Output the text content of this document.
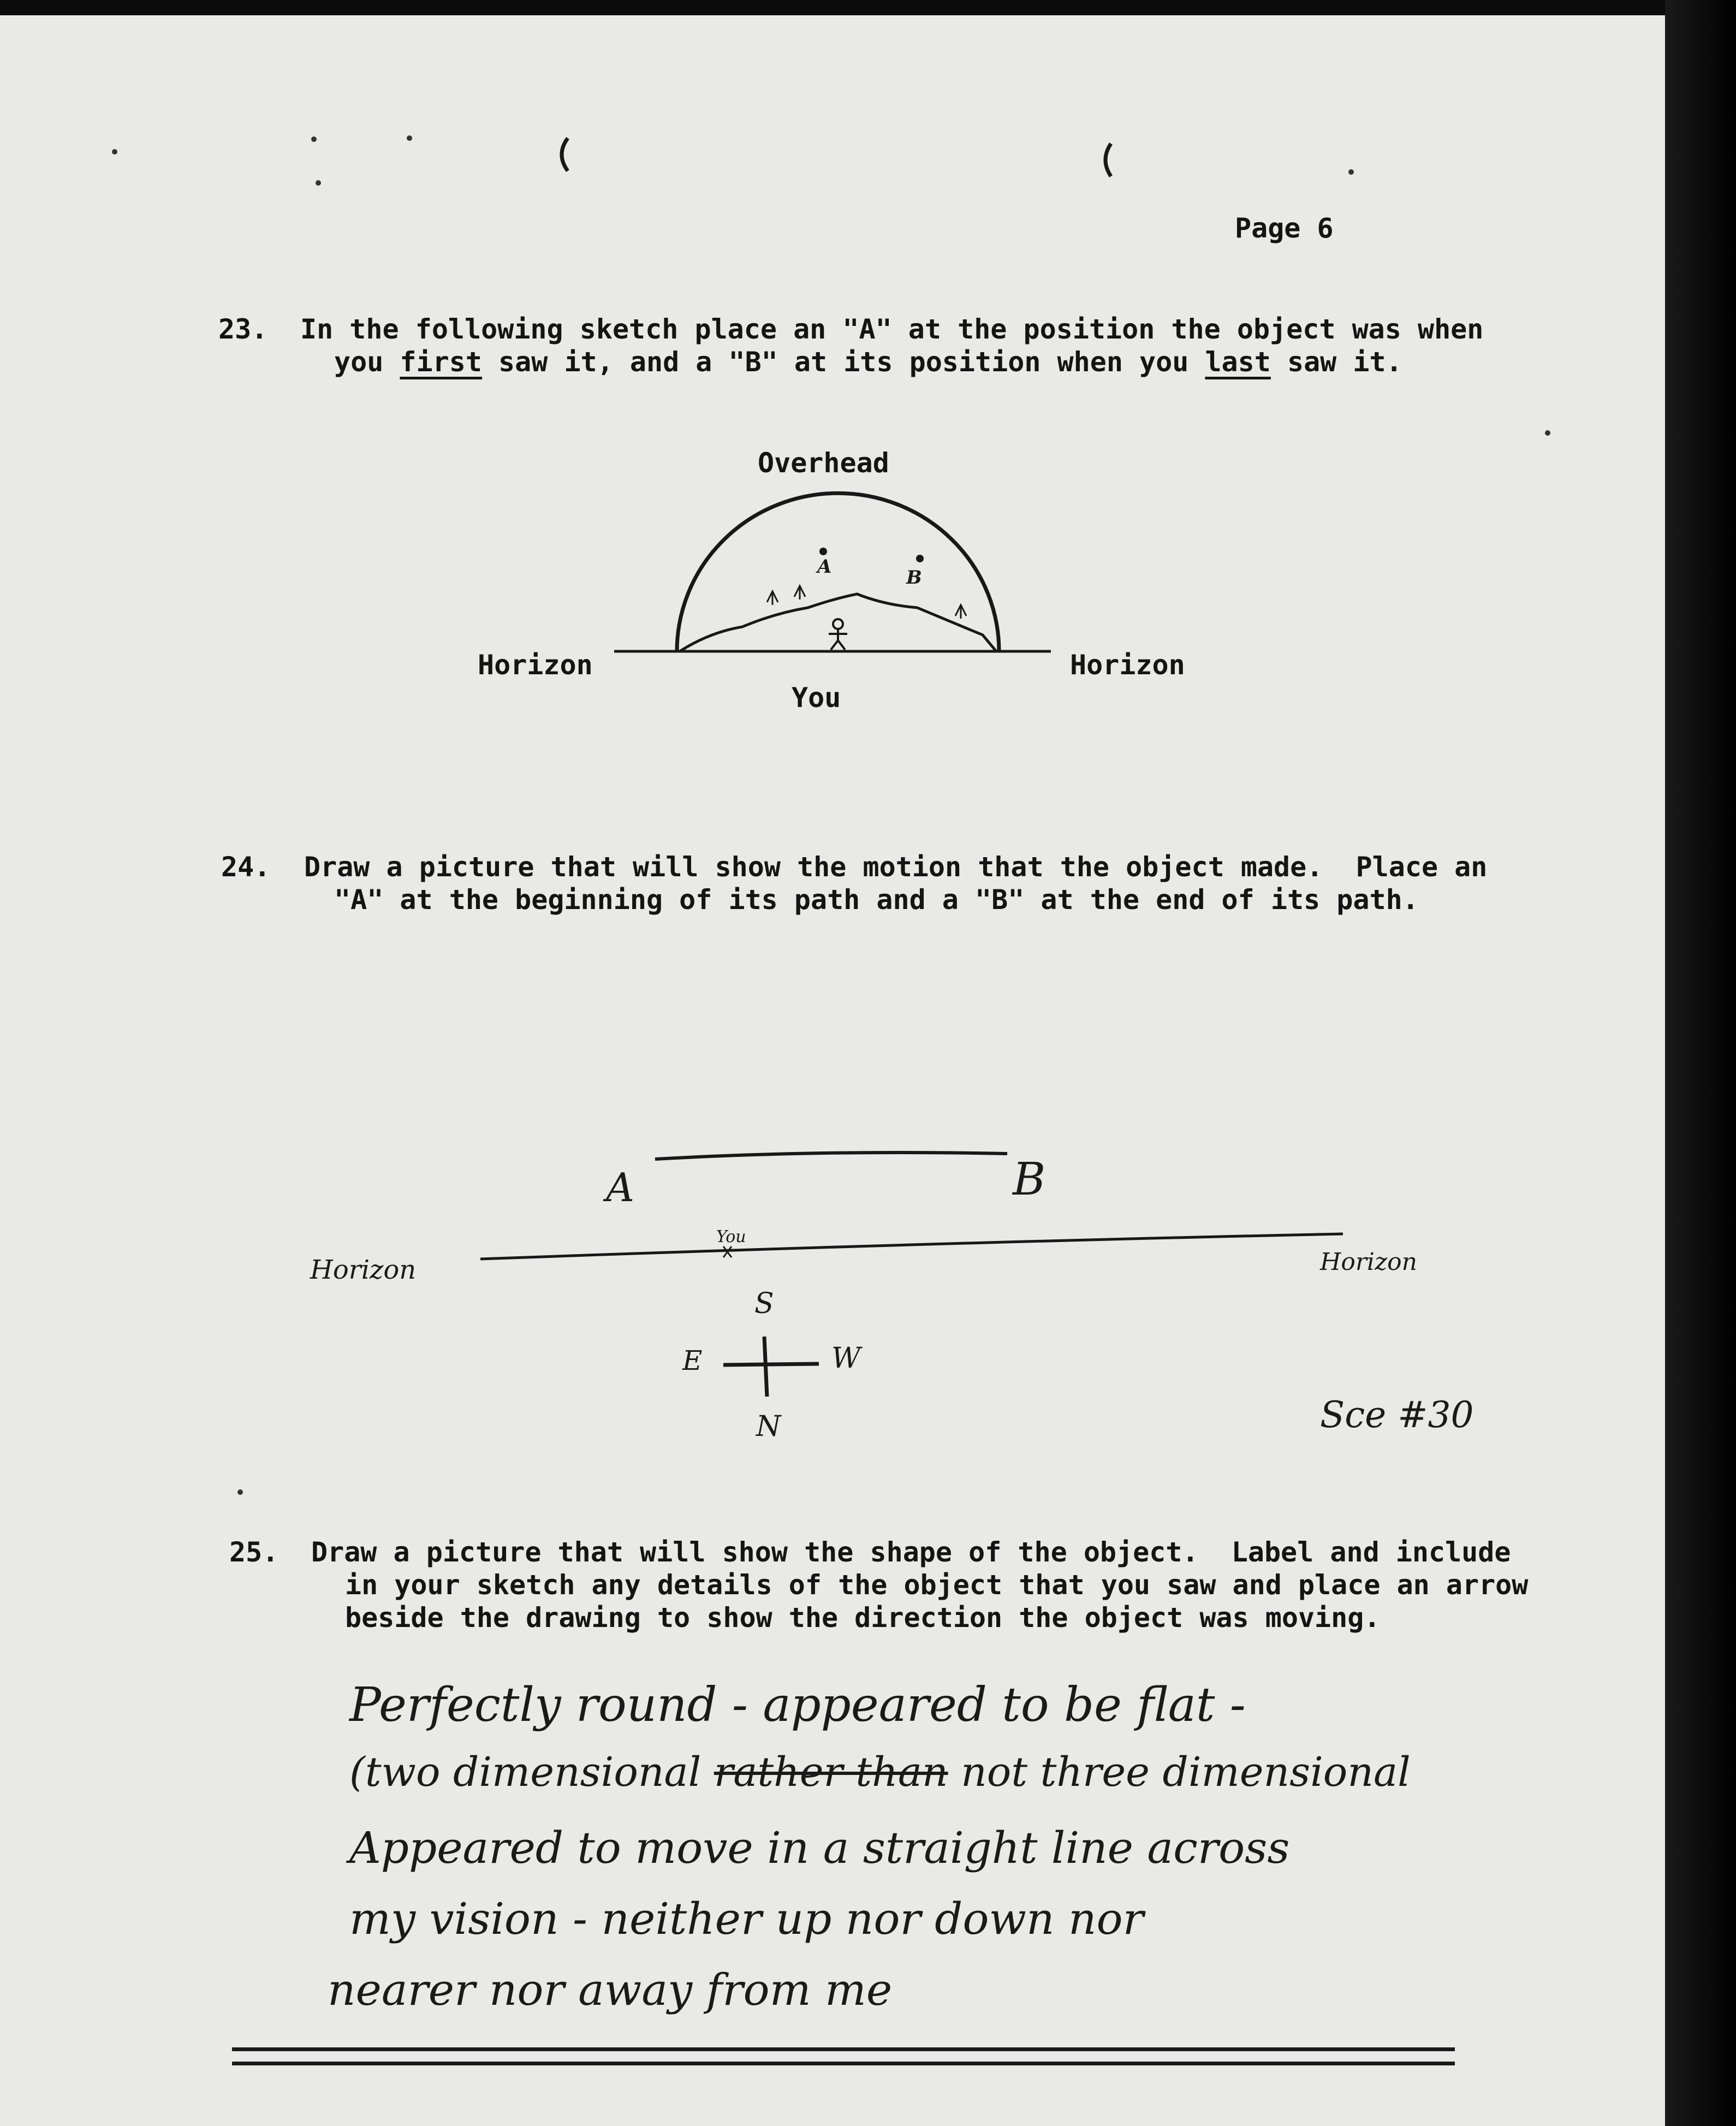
Page 6
23. In the following sketch place an "A" at the position the object was when
you first saw it, and a "B" at its position when you last saw it.
Overhead
Horizon	Horizon
You
A	B
24. Draw a picture that will show the motion that the object made.  Place an
"A" at the beginning of its path and a "B" at the end of its path.
A	B
Horizon	Horizon
You
S
E	W
N	Sce #30
25. Draw a picture that will show the shape of the object.  Label and include
in your sketch any details of the object that you saw and place an arrow
beside the drawing to show the direction the object was moving.
Perfectly round - appeared to be flat -
(two dimensional rather than not three dimensional
Appeared to move in a straight line across
my vision - neither up nor down nor
nearer nor away from me
